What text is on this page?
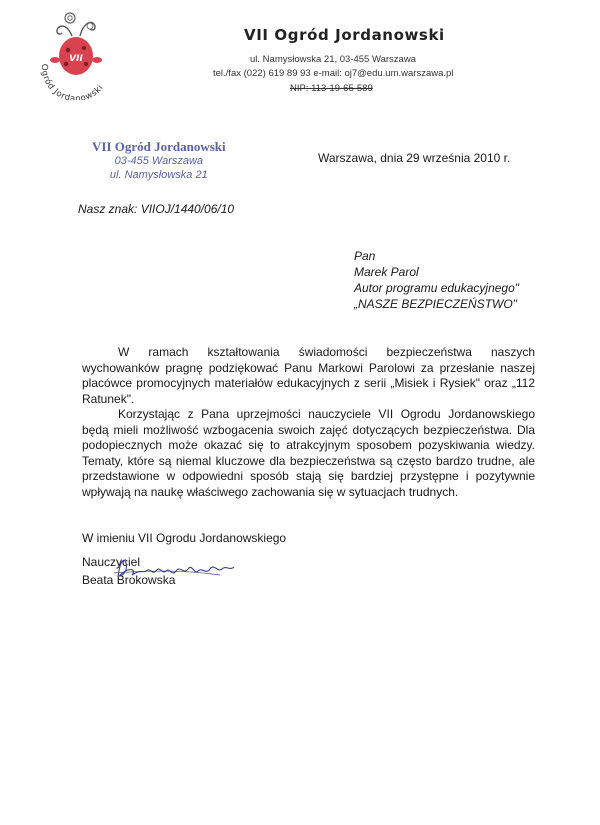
VII
Ogród Jordanowski
VII Ogród Jordanowski
ul. Namysłowska 21, 03-455 Warszawa
tel./fax (022) 619 89 93 e-mail: oj7@edu.um.warszawa.pl
NIP: 113-19-65-589
VII Ogród Jordanowski
03-455 Warszawa
ul. Namysłowska 21
Warszawa, dnia 29 września 2010 r.
Nasz znak: VIIOJ/1440/06/10
Pan
Marek Parol
Autor programu edukacyjnego"
„NASZE BEZPIECZEŃSTWO"

W ramach kształtowania świadomości bezpieczeństwa naszych wychowanków pragnę podziękować Panu Markowi Parolowi za przesłanie naszej placówce promocyjnych materiałów edukacyjnych z serii „Misiek i Rysiek" oraz „112 Ratunek".

Korzystając z Pana uprzejmości nauczyciele VII Ogrodu Jordanowskiego będą mieli możliwość wzbogacenia swoich zajęć dotyczących bezpieczeństwa. Dla podopiecznych może okazać się to atrakcyjnym sposobem pozyskiwania wiedzy. Tematy, które są niemal kluczowe dla bezpieczeństwa są często bardzo trudne, ale przedstawione w odpowiedni sposób stają się bardziej przystępne i pozytywnie wpływają na naukę właściwego zachowania się w sytuacjach trudnych.

W imieniu VII Ogrodu Jordanowskiego
Nauczyciel
Beata Brokowska
